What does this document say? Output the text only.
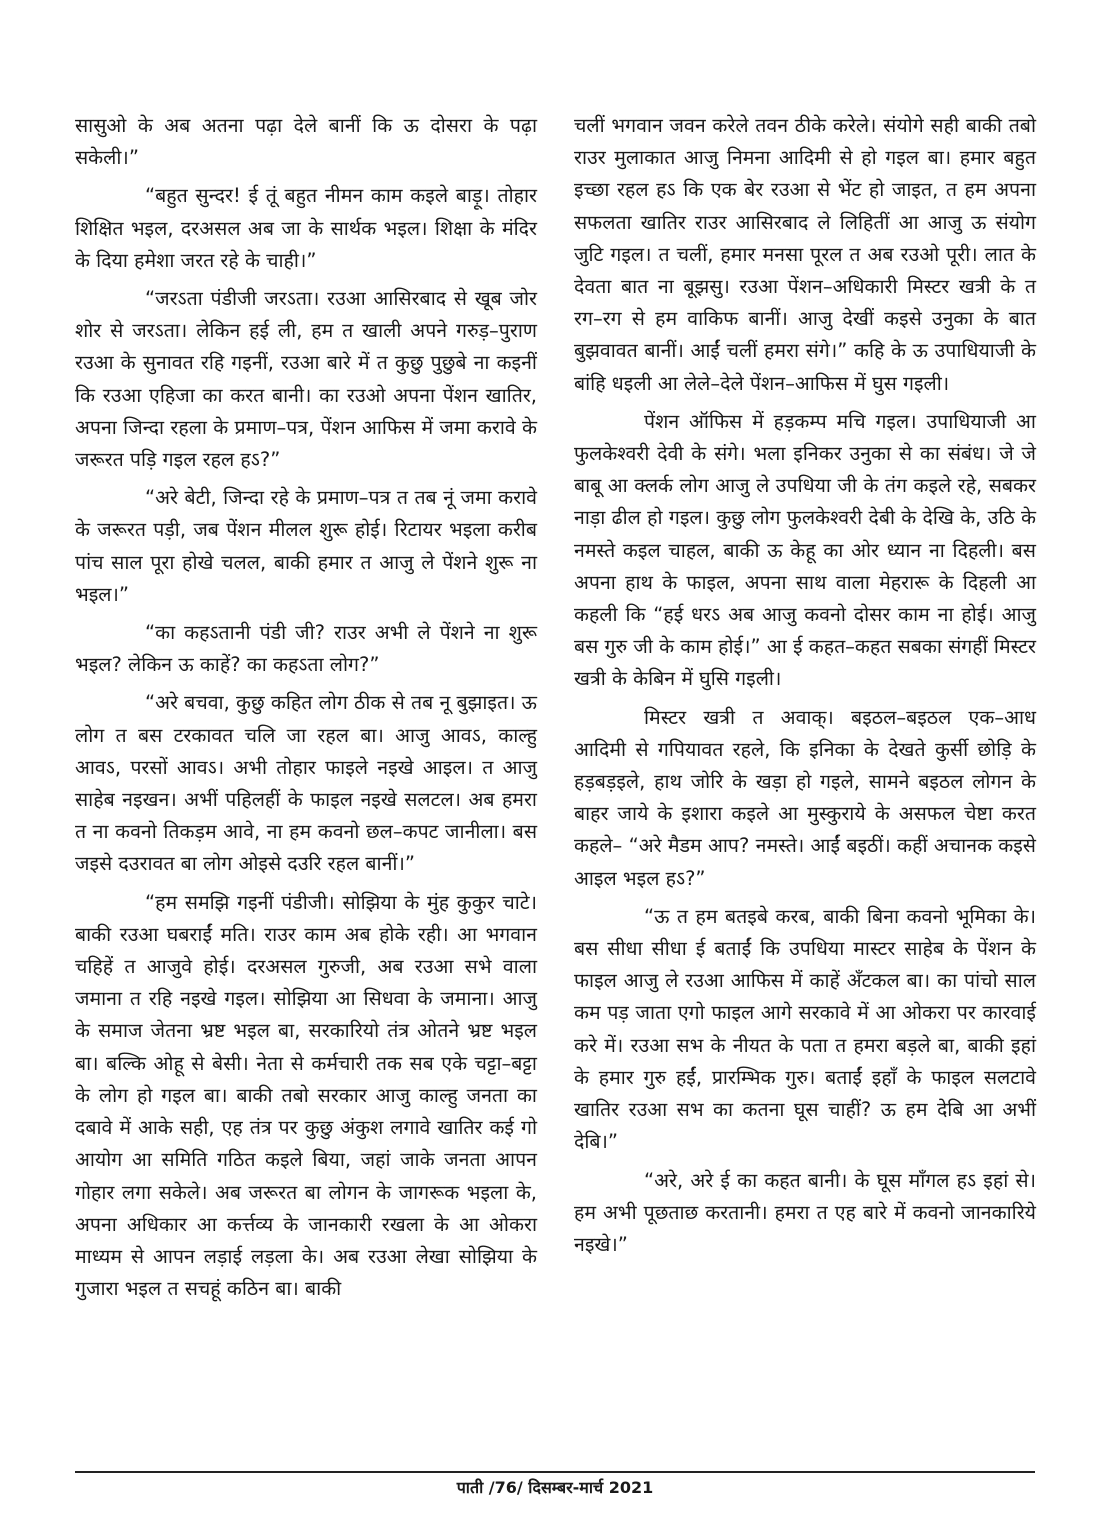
सासुओ के अब अतना पढ़ा देले बानीं कि ऊ दोसरा के पढ़ा सकेली।”

“बहुत सुन्दर! ई तूं बहुत नीमन काम कइले बाड़ू। तोहार शिक्षित भइल, दरअसल अब जा के सार्थक भइल। शिक्षा के मंदिर के दिया हमेशा जरत रहे के चाही।”

“जरऽता पंडीजी जरऽता। रउआ आसिरबाद से खूब जोर शोर से जरऽता। लेकिन हई ली, हम त खाली अपने गरुड़–पुराण रउआ के सुनावत रहि गइनीं, रउआ बारे में त कुछु पुछुबे ना कइनीं कि रउआ एहिजा का करत बानी। का रउओ अपना पेंशन खातिर, अपना जिन्दा रहला के प्रमाण–पत्र, पेंशन आफिस में जमा करावे के जरूरत पड़ि गइल रहल हऽ?”

“अरे बेटी, जिन्दा रहे के प्रमाण–पत्र त तब नूं जमा करावे के जरूरत पड़ी, जब पेंशन मीलल शुरू होई। रिटायर भइला करीब पांच साल पूरा होखे चलल, बाकी हमार त आजु ले पेंशने शुरू ना भइल।”

“का कहऽतानी पंडी जी? राउर अभी ले पेंशने ना शुरू भइल? लेकिन ऊ काहें? का कहऽता लोग?”

“अरे बचवा, कुछु कहित लोग ठीक से तब नू बुझाइत। ऊ लोग त बस टरकावत चलि जा रहल बा। आजु आवऽ, काल्हु आवऽ, परसों आवऽ। अभी तोहार फाइले नइखे आइल। त आजु साहेब नइखन। अभीं पहिलहीं के फाइल नइखे सलटल। अब हमरा त ना कवनो तिकड़म आवे, ना हम कवनो छल–कपट जानीला। बस जइसे दउरावत बा लोग ओइसे दउरि रहल बानीं।”

“हम समझि गइनीं पंडीजी। सोझिया के मुंह कुकुर चाटे। बाकी रउआ घबराईं मति। राउर काम अब होके रही। आ भगवान चहिहें त आजुवे होई। दरअसल गुरुजी, अब रउआ सभे वाला जमाना त रहि नइखे गइल। सोझिया आ सिधवा के जमाना। आजु के समाज जेतना भ्रष्ट भइल बा, सरकारियो तंत्र ओतने भ्रष्ट भइल बा। बल्कि ओहू से बेसी। नेता से कर्मचारी तक सब एके चट्टा–बट्टा के लोग हो गइल बा। बाकी तबो सरकार आजु काल्हु जनता का दबावे में आके सही, एह तंत्र पर कुछु अंकुश लगावे खातिर कई गो आयोग आ समिति गठित कइले बिया, जहां जाके जनता आपन गोहार लगा सकेले। अब जरूरत बा लोगन के जागरूक भइला के, अपना अधिकार आ कर्त्तव्य के जानकारी रखला के आ ओकरा माध्यम से आपन लड़ाई लड़ला के। अब रउआ लेखा सोझिया के गुजारा भइल त सचहूं कठिन बा। बाकी

चलीं भगवान जवन करेले तवन ठीके करेले। संयोगे सही बाकी तबो राउर मुलाकात आजु निमना आदिमी से हो गइल बा। हमार बहुत इच्छा रहल हऽ कि एक बेर रउआ से भेंट हो जाइत, त हम अपना सफलता खातिर राउर आसिरबाद ले लिहितीं आ आजु ऊ संयोग जुटि गइल। त चलीं, हमार मनसा पूरल त अब रउओ पूरी। लात के देवता बात ना बूझसु। रउआ पेंशन–अधिकारी मिस्टर खत्री के त रग–रग से हम वाकिफ बानीं। आजु देखीं कइसे उनुका के बात बुझवावत बानीं। आईं चलीं हमरा संगे।” कहि के ऊ उपाधियाजी के बांहि धइली आ लेले–देले पेंशन–आफिस में घुस गइली।

पेंशन ऑफिस में हड़कम्प मचि गइल। उपाधियाजी आ फुलकेश्वरी देवी के संगे। भला इनिकर उनुका से का संबंध। जे जे बाबू आ क्लर्क लोग आजु ले उपधिया जी के तंग कइले रहे, सबकर नाड़ा ढील हो गइल। कुछु लोग फुलकेश्वरी देबी के देखि के, उठि के नमस्ते कइल चाहल, बाकी ऊ केहू का ओर ध्यान ना दिहली। बस अपना हाथ के फाइल, अपना साथ वाला मेहरारू के दिहली आ कहली कि “हई धरऽ अब आजु कवनो दोसर काम ना होई। आजु बस गुरु जी के काम होई।” आ ई कहत–कहत सबका संगहीं मिस्टर खत्री के केबिन में घुसि गइली।

मिस्टर खत्री त अवाक्। बइठल–बइठल एक–आध आदिमी से गपियावत रहले, कि इनिका के देखते कुर्सी छोड़ि के हड़बड़इले, हाथ जोरि के खड़ा हो गइले, सामने बइठल लोगन के बाहर जाये के इशारा कइले आ मुस्कुराये के असफल चेष्टा करत कहले– “अरे मैडम आप? नमस्ते। आईं बइठीं। कहीं अचानक कइसे आइल भइल हऽ?”

“ऊ त हम बतइबे करब, बाकी बिना कवनो भूमिका के। बस सीधा सीधा ई बताईं कि उपधिया मास्टर साहेब के पेंशन के फाइल आजु ले रउआ आफिस में काहें अँटकल बा। का पांचो साल कम पड़ जाता एगो फाइल आगे सरकावे में आ ओकरा पर कारवाई करे में। रउआ सभ के नीयत के पता त हमरा बड़ले बा, बाकी इहां के हमार गुरु हईं, प्रारम्भिक गुरु। बताईं इहाँ के फाइल सलटावे खातिर रउआ सभ का कतना घूस चाहीं? ऊ हम देबि आ अभीं देबि।”

“अरे, अरे ई का कहत बानी। के घूस माँगल हऽ इहां से। हम अभी पूछताछ करतानी। हमरा त एह बारे में कवनो जानकारिये नइखे।”

पाती /76/ दिसम्बर-मार्च 2021
